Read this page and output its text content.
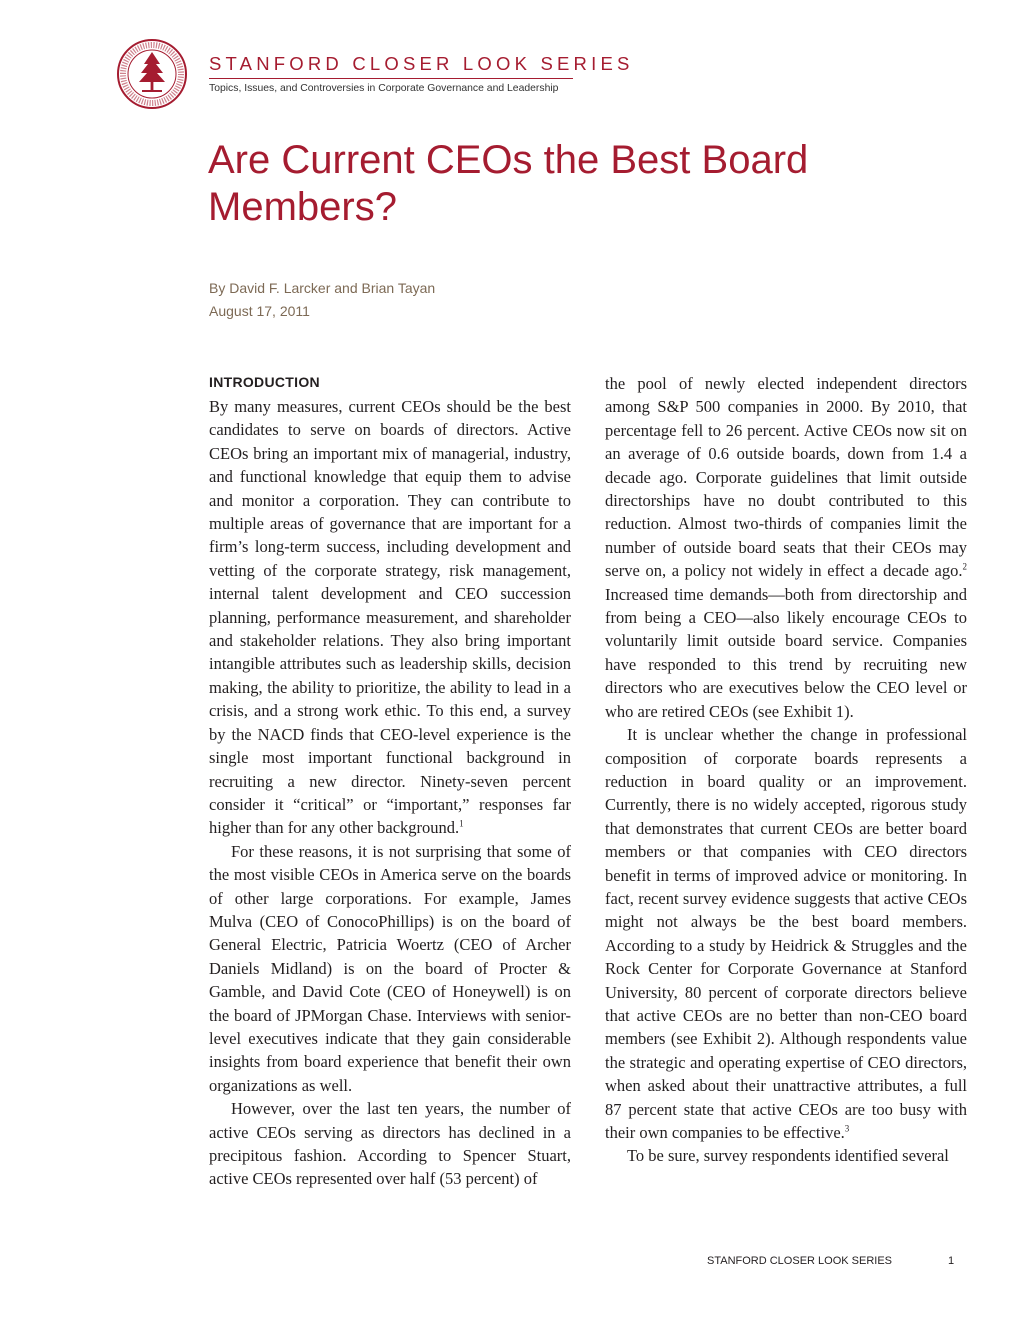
STANFORD CLOSER LOOK SERIES
Topics, Issues, and Controversies in Corporate Governance and Leadership
Are Current CEOs the Best Board Members?
By David F. Larcker and Brian Tayan
August 17, 2011
INTRODUCTION

By many measures, current CEOs should be the best candidates to serve on boards of directors. Active CEOs bring an important mix of managerial, industry, and functional knowledge that equip them to advise and monitor a corporation. They can contribute to multiple areas of governance that are important for a firm’s long-term success, including development and vetting of the corporate strategy, risk management, internal talent development and CEO succession planning, performance measurement, and shareholder and stakeholder relations. They also bring important intangible attributes such as leadership skills, decision making, the ability to prioritize, the ability to lead in a crisis, and a strong work ethic. To this end, a survey by the NACD finds that CEO-level experience is the single most important functional background in recruiting a new director. Ninety-seven percent consider it “critical” or “important,” responses far higher than for any other background.$^1$

For these reasons, it is not surprising that some of the most visible CEOs in America serve on the boards of other large corporations. For example, James Mulva (CEO of ConocoPhillips) is on the board of General Electric, Patricia Woertz (CEO of Archer Daniels Midland) is on the board of Procter & Gamble, and David Cote (CEO of Honeywell) is on the board of JPMorgan Chase. Interviews with senior-level executives indicate that they gain considerable insights from board experience that benefit their own organizations as well.

However, over the last ten years, the number of active CEOs serving as directors has declined in a precipitous fashion. According to Spencer Stuart, active CEOs represented over half (53 percent) of

the pool of newly elected independent directors among S&P 500 companies in 2000. By 2010, that percentage fell to 26 percent. Active CEOs now sit on an average of 0.6 outside boards, down from 1.4 a decade ago. Corporate guidelines that limit outside directorships have no doubt contributed to this reduction. Almost two-thirds of companies limit the number of outside board seats that their CEOs may serve on, a policy not widely in effect a decade ago.$^2$ Increased time demands—both from directorship and from being a CEO—also likely encourage CEOs to voluntarily limit outside board service. Companies have responded to this trend by recruiting new directors who are executives below the CEO level or who are retired CEOs (see Exhibit 1).

It is unclear whether the change in professional composition of corporate boards represents a reduction in board quality or an improvement. Currently, there is no widely accepted, rigorous study that demonstrates that current CEOs are better board members or that companies with CEO directors benefit in terms of improved advice or monitoring. In fact, recent survey evidence suggests that active CEOs might not always be the best board members. According to a study by Heidrick & Struggles and the Rock Center for Corporate Governance at Stanford University, 80 percent of corporate directors believe that active CEOs are no better than non-CEO board members (see Exhibit 2). Although respondents value the strategic and operating expertise of CEO directors, when asked about their unattractive attributes, a full 87 percent state that active CEOs are too busy with their own companies to be effective.$^3$

To be sure, survey respondents identified several

STANFORD CLOSER LOOK SERIES	1
